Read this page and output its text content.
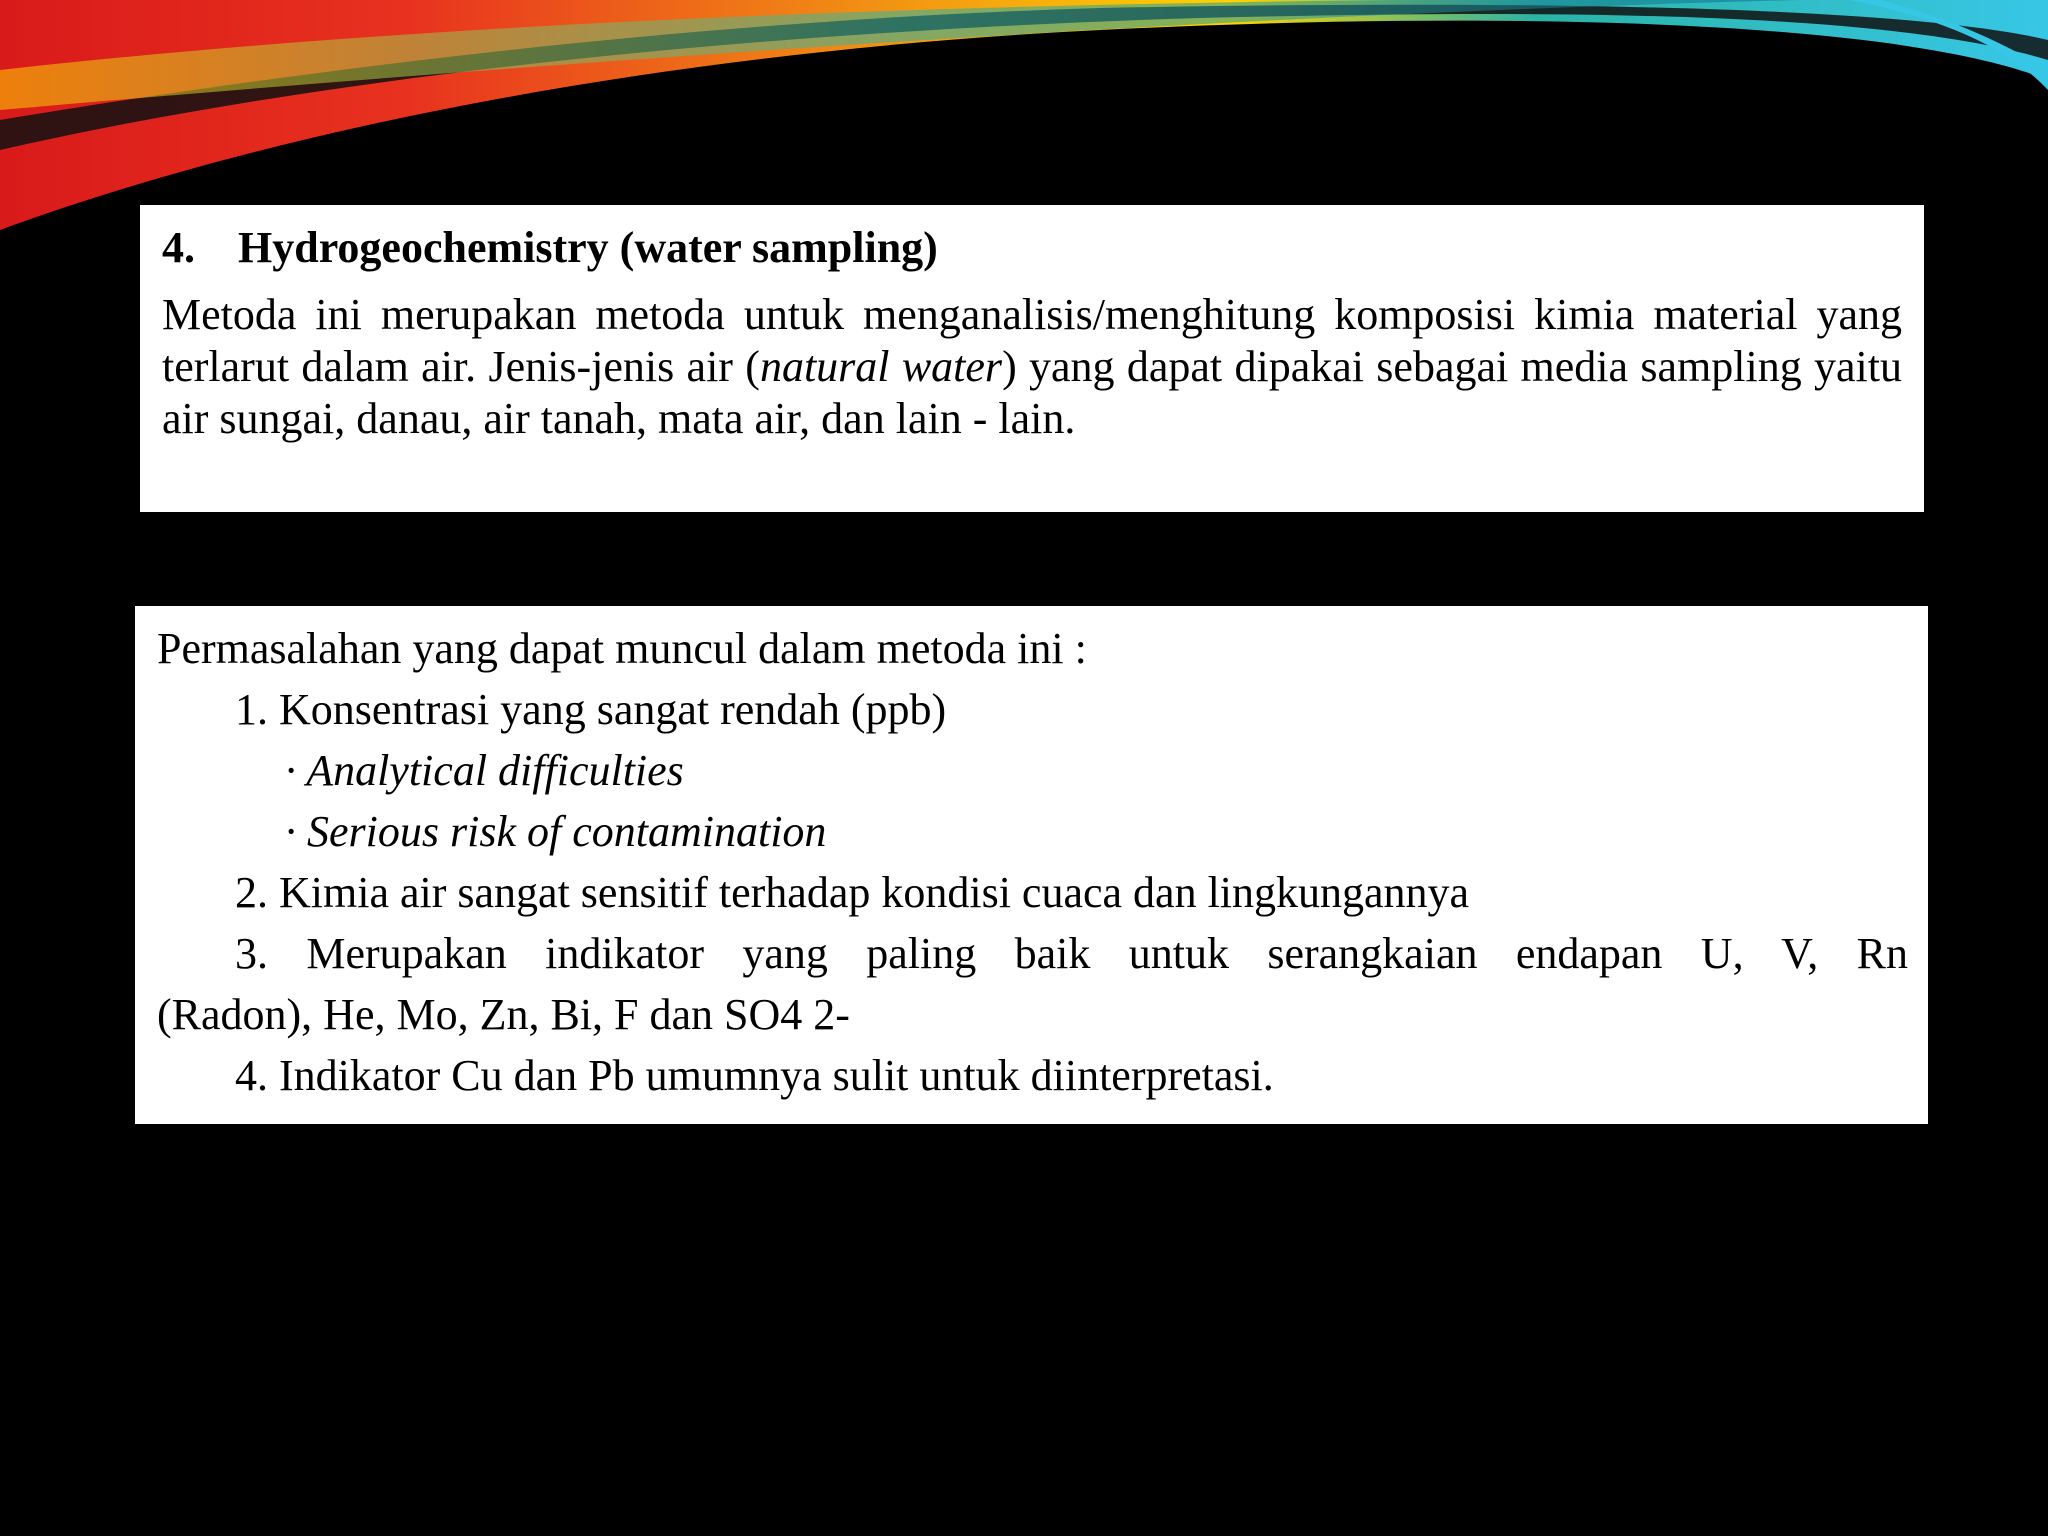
4. Hydrogeochemistry (water sampling)

Metoda ini merupakan metoda untuk menganalisis/menghitung komposisi kimia material yang terlarut dalam air. Jenis-jenis air (natural water) yang dapat dipakai sebagai media sampling yaitu air sungai, danau, air tanah, mata air, dan lain - lain.

Permasalahan yang dapat muncul dalam metoda ini :
1. Konsentrasi yang sangat rendah (ppb)
· Analytical difficulties
· Serious risk of contamination
2. Kimia air sangat sensitif terhadap kondisi cuaca dan lingkungannya
3. Merupakan indikator yang paling baik untuk serangkaian endapan U, V, Rn
(Radon), He, Mo, Zn, Bi, F dan SO4 2-
4. Indikator Cu dan Pb umumnya sulit untuk diinterpretasi.
